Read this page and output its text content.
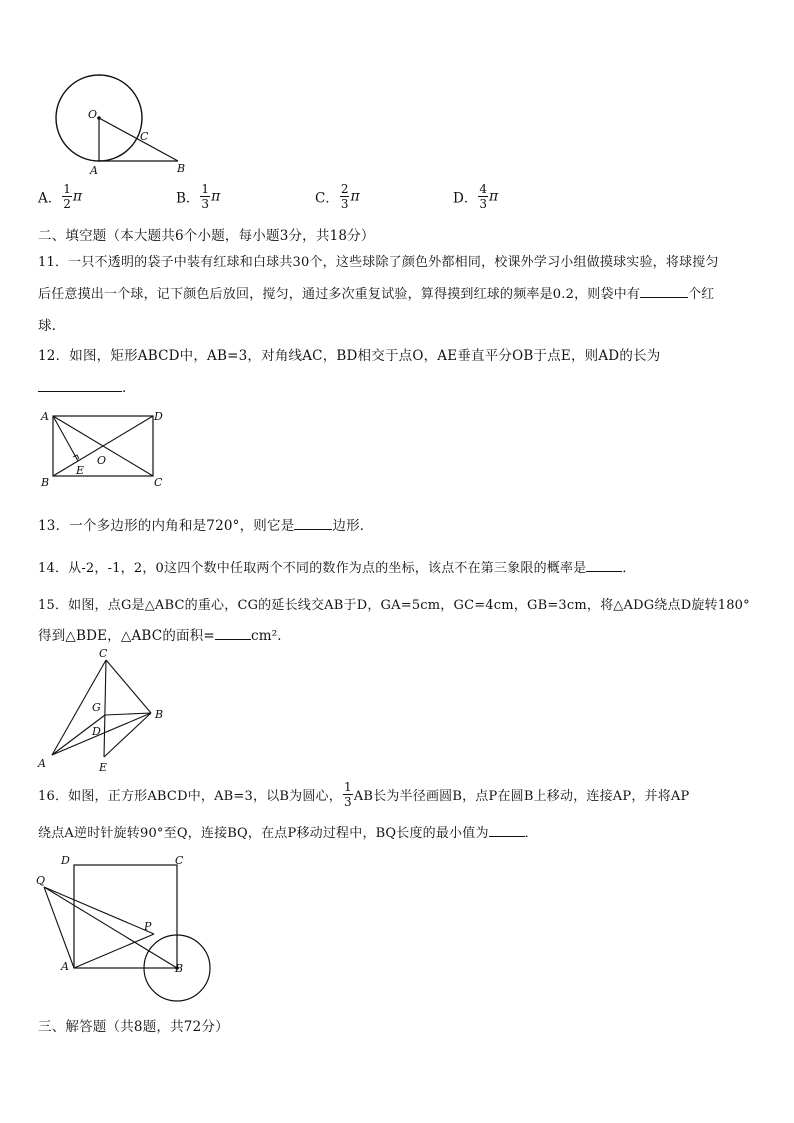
O
C
A	B
A． $\frac{1}{2}$ π	B． $\frac{1}{3}$ π	C． $\frac{2}{3}$ π	D． $\frac{4}{3}$ π
二、填空题（本大题共6个小题，每小题3分，共18分）
11．一只不透明的袋子中装有红球和白球共30个，这些球除了颜色外都相同，校课外学习小组做摸球实验，将球搅匀
后任意摸出一个球，记下颜色后放回，搅匀，通过多次重复试验，算得摸到红球的频率是0.2，则袋中有	个红
球．
12．如图，矩形ABCD中，AB=3，对角线AC，BD相交于点O，AE垂直平分OB于点E，则AD的长为
．
A	D
B	C
E
O
13．一个多边形的内角和是720°，则它是	边形．
14．从-2，-1，2，0这四个数中任取两个不同的数作为点的坐标，该点不在第三象限的概率是	．
15．如图，点G是△ABC的重心，CG的延长线交AB于D，GA=5cm，GC=4cm，GB=3cm，将△ADG绕点D旋转180°
得到△BDE，△ABC的面积=	cm²．
C
G
B
D
A	E
16．如图，正方形ABCD中，AB=3，以B为圆心， $\frac{1}{3}$ AB长为半径画圆B，点P在圆B上移动，连接AP，并将AP
绕点A逆时针旋转90°至Q，连接BQ，在点P移动过程中，BQ长度的最小值为	．
D	C
Q
P
A	B
三、解答题（共8题，共72分）
